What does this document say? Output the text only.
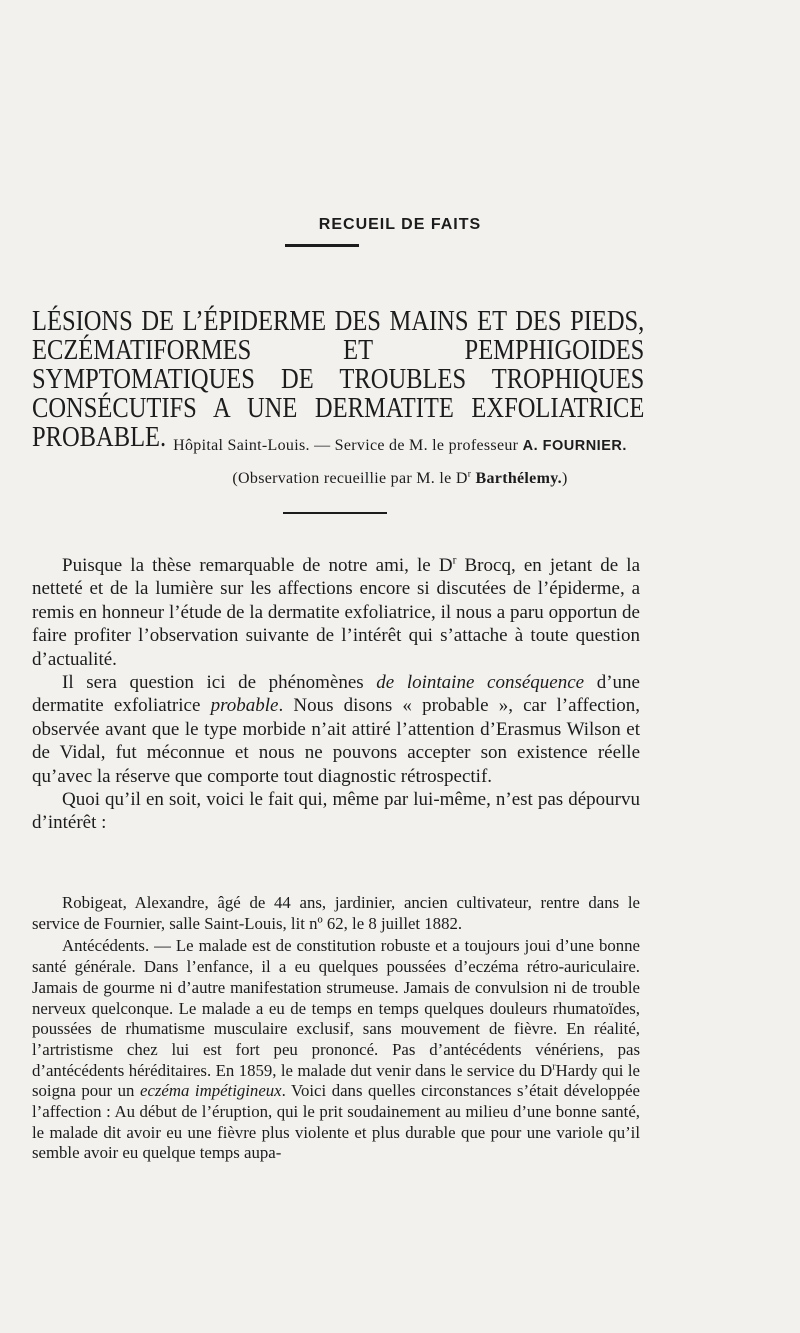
RECUEIL DE FAITS
LÉSIONS DE L’ÉPIDERME DES MAINS ET DES PIEDS, ECZÉMATIFORMES ET PEMPHIGOIDES SYMPTOMATIQUES DE TROUBLES TROPHIQUES CONSÉCUTIFS A UNE DERMATITE EXFOLIATRICE PROBABLE. Hôpital Saint-Louis. — Service de M. le professeur A. FOURNIER.
(Observation recueillie par M. le $D^r$ Barthélemy.)

Puisque la thèse remarquable de notre ami, le $D^r$ Brocq, en jetant de la netteté et de la lumière sur les affections encore si discutées de l’épiderme, a remis en honneur l’étude de la dermatite exfoliatrice, il nous a paru opportun de faire profiter l’observation suivante de l’intérêt qui s’attache à toute question d’actualité.

Il sera question ici de phénomènes de lointaine conséquence d’une dermatite exfoliatrice probable. Nous disons « probable », car l’affection, observée avant que le type morbide n’ait attiré l’attention d’Erasmus Wilson et de Vidal, fut méconnue et nous ne pouvons accepter son existence réelle qu’avec la réserve que comporte tout diagnostic rétrospectif.

Quoi qu’il en soit, voici le fait qui, même par lui-même, n’est pas dépourvu d’intérêt :

Robigeat, Alexandre, âgé de 44 ans, jardinier, ancien cultivateur, rentre dans le service de Fournier, salle Saint-Louis, lit nº 62, le 8 juillet 1882.

Antécédents. — Le malade est de constitution robuste et a toujours joui d’une bonne santé générale. Dans l’enfance, il a eu quelques poussées d’eczéma rétro-auriculaire. Jamais de gourme ni d’autre manifestation strumeuse. Jamais de convulsion ni de trouble nerveux quelconque. Le malade a eu de temps en temps quelques douleurs rhumatoïdes, poussées de rhumatisme musculaire exclusif, sans mouvement de fièvre. En réalité, l’artristisme chez lui est fort peu prononcé. Pas d’antécédents vénériens, pas d’antécédents héréditaires. En 1859, le malade dut venir dans le service du $D^rHardy$ qui le soigna pour un eczéma impétigineux. Voici dans quelles circonstances s’était développée l’affection : Au début de l’éruption, qui le prit soudainement au milieu d’une bonne santé, le malade dit avoir eu une fièvre plus violente et plus durable que pour une variole qu’il semble avoir eu quelque temps aupa-
